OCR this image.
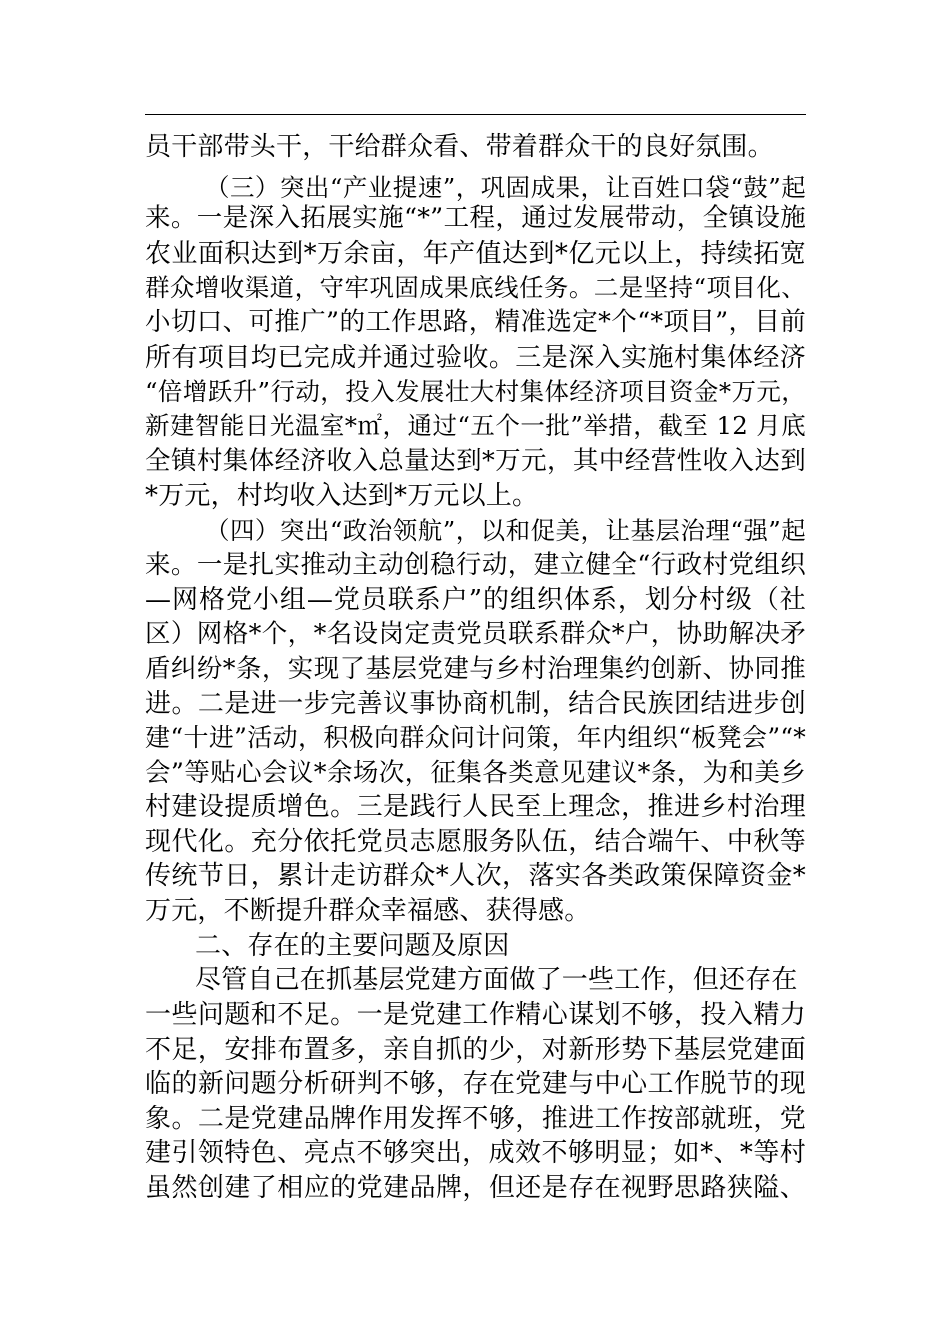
员干部带头干，干给群众看、带着群众干的良好氛围。
（三）突出“产业提速”，巩固成果，让百姓口袋“鼓”起
来。一是深入拓展实施“*”工程，通过发展带动，全镇设施
农业面积达到*万余亩，年产值达到*亿元以上，持续拓宽
群众增收渠道，守牢巩固成果底线任务。二是坚持“项目化、
小切口、可推广”的工作思路，精准选定*个“*项目”，目前
所有项目均已完成并通过验收。三是深入实施村集体经济
“倍增跃升”行动，投入发展壮大村集体经济项目资金*万元，
新建智能日光温室*㎡，通过“五个一批”举措，截至 12 月底
全镇村集体经济收入总量达到*万元，其中经营性收入达到
*万元，村均收入达到*万元以上。
（四）突出“政治领航”，以和促美，让基层治理“强”起
来。一是扎实推动主动创稳行动，建立健全“行政村党组织
—网格党小组—党员联系户”的组织体系，划分村级（社
区）网格*个，*名设岗定责党员联系群众*户，协助解决矛
盾纠纷*条，实现了基层党建与乡村治理集约创新、协同推
进。二是进一步完善议事协商机制，结合民族团结进步创
建“十进”活动，积极向群众问计问策，年内组织“板凳会”“*
会”等贴心会议*余场次，征集各类意见建议*条，为和美乡
村建设提质增色。三是践行人民至上理念，推进乡村治理
现代化。充分依托党员志愿服务队伍，结合端午、中秋等
传统节日，累计走访群众*人次，落实各类政策保障资金*
万元，不断提升群众幸福感、获得感。
二、存在的主要问题及原因
尽管自己在抓基层党建方面做了一些工作，但还存在
一些问题和不足。一是党建工作精心谋划不够，投入精力
不足，安排布置多，亲自抓的少，对新形势下基层党建面
临的新问题分析研判不够，存在党建与中心工作脱节的现
象。二是党建品牌作用发挥不够，推进工作按部就班，党
建引领特色、亮点不够突出，成效不够明显；如*、*等村
虽然创建了相应的党建品牌，但还是存在视野思路狭隘、
